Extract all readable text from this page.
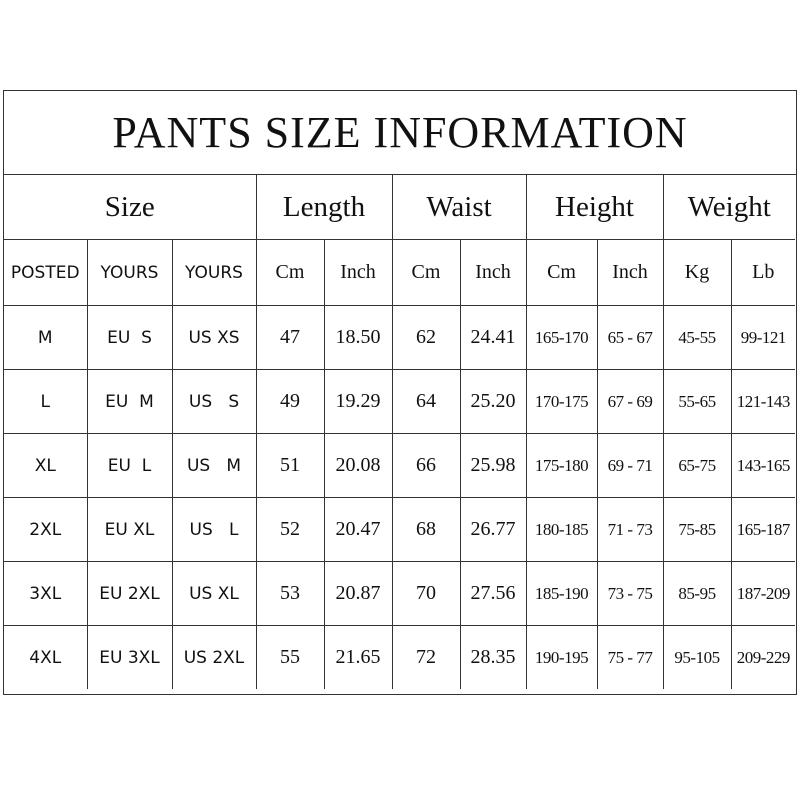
PANTS SIZE INFORMATION
Size			Length		Waist		Height		Weight	
POSTED	YOURS	YOURS	Cm	Inch	Cm	Inch	Cm	Inch	Kg	Lb
M	EU  S	US XS	47	18.50	62	24.41	165-170	65 - 67	45-55	99-121
L	EU  M	US   S	49	19.29	64	25.20	170-175	67 - 69	55-65	121-143
XL	EU  L	US   M	51	20.08	66	25.98	175-180	69 - 71	65-75	143-165
2XL	EU XL	US   L	52	20.47	68	26.77	180-185	71 - 73	75-85	165-187
3XL	EU 2XL	US XL	53	20.87	70	27.56	185-190	73 - 75	85-95	187-209
4XL	EU 3XL	US 2XL	55	21.65	72	28.35	190-195	75 - 77	95-105	209-229
